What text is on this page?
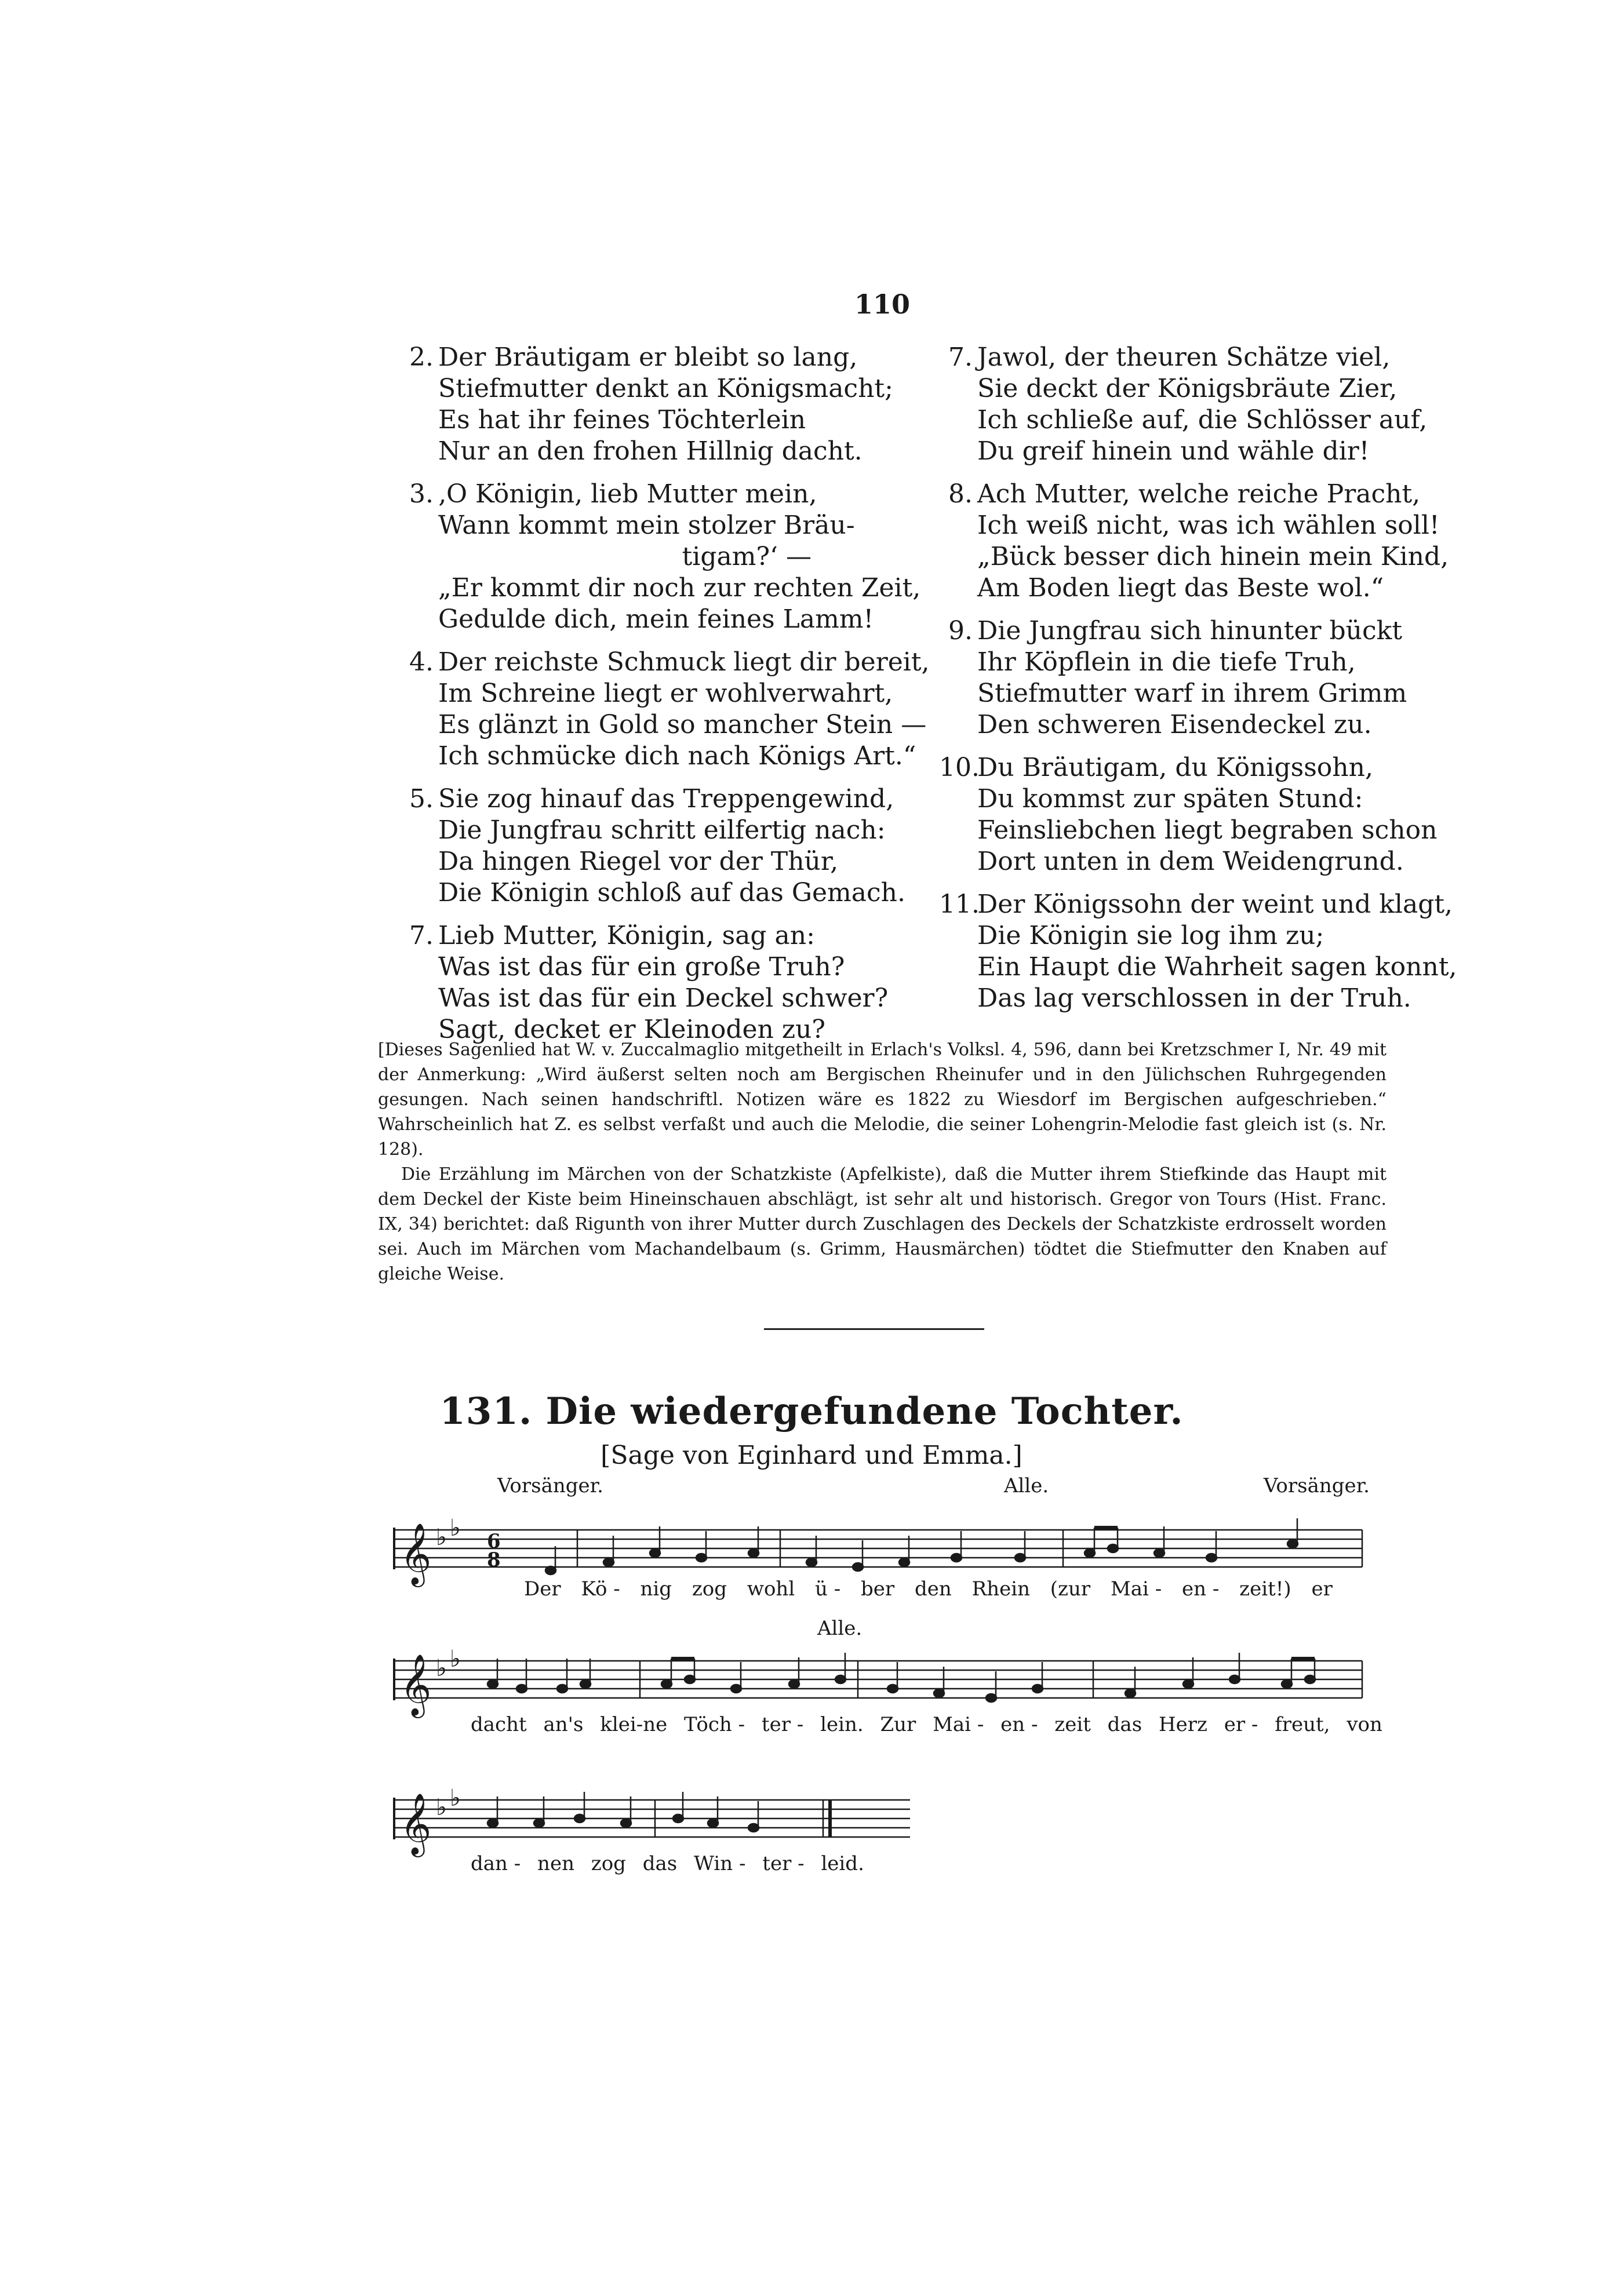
110
2. Der Bräutigam er bleibt so lang,
Stiefmutter denkt an Königsmacht;
Es hat ihr feines Töchterlein
Nur an den frohen Hillnig dacht.
3. ‚O Königin, lieb Mutter mein,
Wann kommt mein stolzer Bräu-
tigam?‘ —
„Er kommt dir noch zur rechten Zeit,
Gedulde dich, mein feines Lamm!
4. Der reichste Schmuck liegt dir bereit,
Im Schreine liegt er wohlverwahrt,
Es glänzt in Gold so mancher Stein —
Ich schmücke dich nach Königs Art.“
5. Sie zog hinauf das Treppengewind,
Die Jungfrau schritt eilfertig nach:
Da hingen Riegel vor der Thür,
Die Königin schloß auf das Gemach.
7. Lieb Mutter, Königin, sag an:
Was ist das für ein große Truh?
Was ist das für ein Deckel schwer?
Sagt, decket er Kleinoden zu?
7. Jawol, der theuren Schätze viel,
Sie deckt der Königsbräute Zier,
Ich schließe auf, die Schlösser auf,
Du greif hinein und wähle dir!
8. Ach Mutter, welche reiche Pracht,
Ich weiß nicht, was ich wählen soll!
„Bück besser dich hinein mein Kind,
Am Boden liegt das Beste wol.“
9. Die Jungfrau sich hinunter bückt
Ihr Köpflein in die tiefe Truh,
Stiefmutter warf in ihrem Grimm
Den schweren Eisendeckel zu.
10.Du Bräutigam, du Königssohn,
Du kommst zur späten Stund:
Feinsliebchen liegt begraben schon
Dort unten in dem Weidengrund.
11.Der Königssohn der weint und klagt,
Die Königin sie log ihm zu;
Ein Haupt die Wahrheit sagen konnt,
Das lag verschlossen in der Truh.

[Dieses Sagenlied hat W. v. Zuccalmaglio mitgetheilt in Erlach's Volksl. 4, 596, dann bei Kretzschmer I, Nr. 49 mit der Anmerkung: „Wird äußerst selten noch am Bergischen Rheinufer und in den Jülichschen Ruhrgegenden gesungen. Nach seinen handschriftl. Notizen wäre es 1822 zu Wiesdorf im Bergischen aufgeschrieben.“ Wahrscheinlich hat Z. es selbst verfaßt und auch die Melodie, die seiner Lohengrin-Melodie fast gleich ist (s. Nr. 128).

Die Erzählung im Märchen von der Schatzkiste (Apfelkiste), daß die Mutter ihrem Stiefkinde das Haupt mit dem Deckel der Kiste beim Hineinschauen abschlägt, ist sehr alt und historisch. Gregor von Tours (Hist. Franc. IX, 34) berichtet: daß Rigunth von ihrer Mutter durch Zuschlagen des Deckels der Schatzkiste erdrosselt worden sei. Auch im Märchen vom Machandelbaum (s. Grimm, Hausmärchen) tödtet die Stiefmutter den Knaben auf gleiche Weise.

131. Die wiedergefundene Tochter.
[Sage von Eginhard und Emma.]
Vorsänger.	Alle.	Vorsänger.
Alle.
𝄞 ♭ ♭ 6
8
𝄞 ♭ ♭
𝄞 ♭ ♭
Der Kö - nig zog wohl ü - ber den Rhein (zur Mai - en - zeit!) er
dacht an's klei-ne Töch - ter - lein. Zur Mai - en - zeit das Herz er - freut, von
dan - nen zog das Win - ter - leid.
